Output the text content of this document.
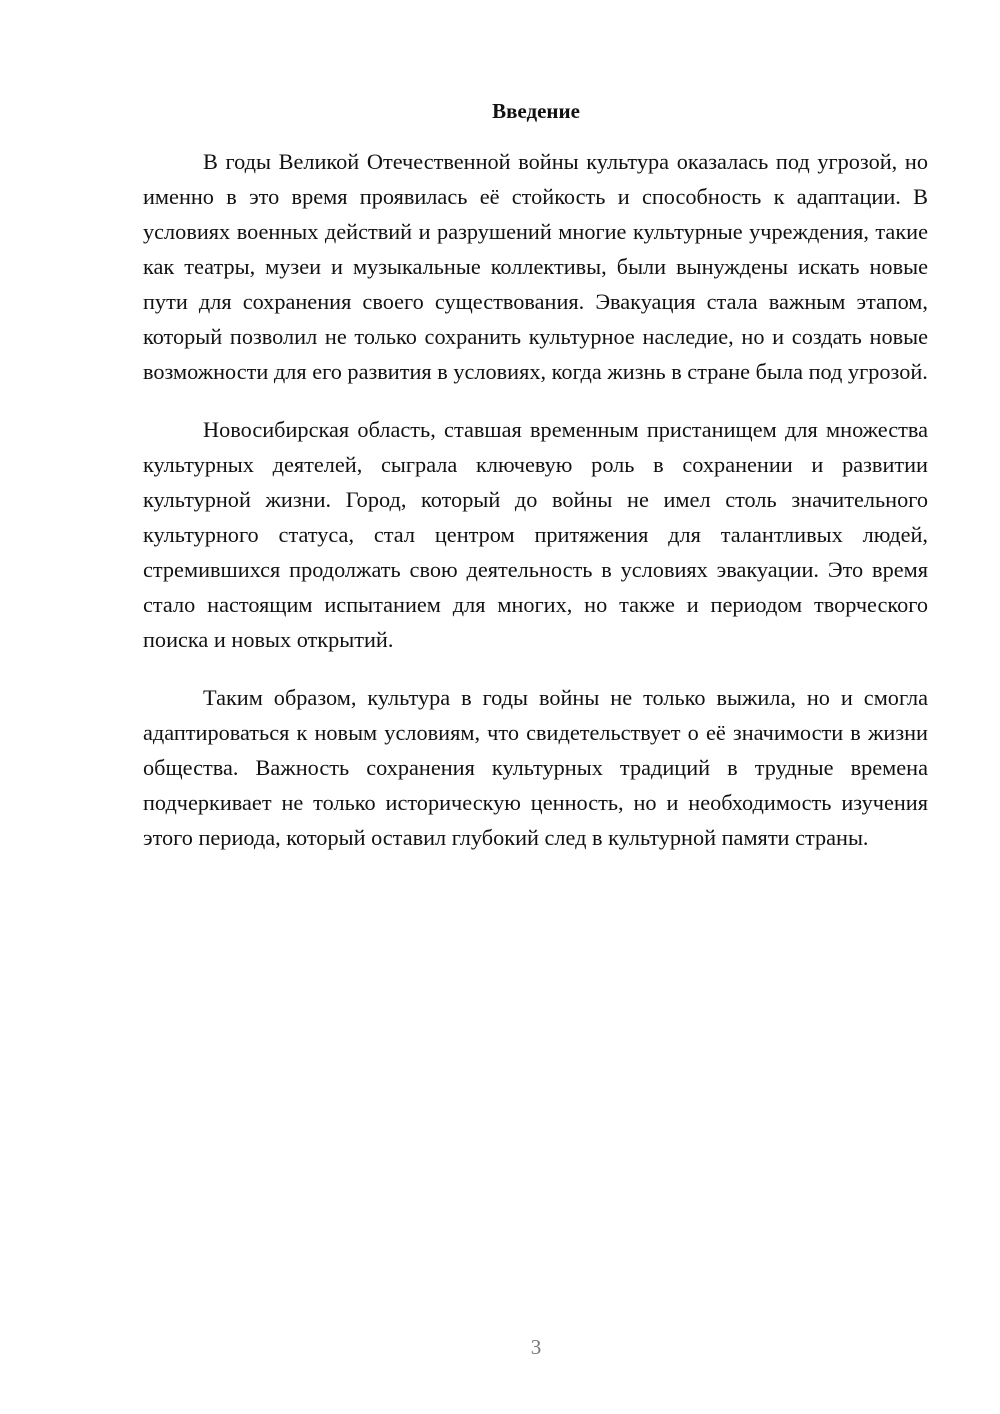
Введение

В годы Великой Отечественной войны культура оказалась под угрозой, но именно в это время проявилась её стойкость и способность к адаптации. В условиях военных действий и разрушений многие культурные учреждения, такие как театры, музеи и музыкальные коллективы, были вынуждены искать новые пути для сохранения своего существования. Эвакуация стала важным этапом, который позволил не только сохранить культурное наследие, но и создать новые возможности для его развития в условиях, когда жизнь в стране была под угрозой.

Новосибирская область, ставшая временным пристанищем для множества культурных деятелей, сыграла ключевую роль в сохранении и развитии культурной жизни. Город, который до войны не имел столь значительного культурного статуса, стал центром притяжения для талантливых людей, стремившихся продолжать свою деятельность в условиях эвакуации. Это время стало настоящим испытанием для многих, но также и периодом творческого поиска и новых открытий.

Таким образом, культура в годы войны не только выжила, но и смогла адаптироваться к новым условиям, что свидетельствует о её значимости в жизни общества. Важность сохранения культурных традиций в трудные времена подчеркивает не только историческую ценность, но и необходимость изучения этого периода, который оставил глубокий след в культурной памяти страны.

3
